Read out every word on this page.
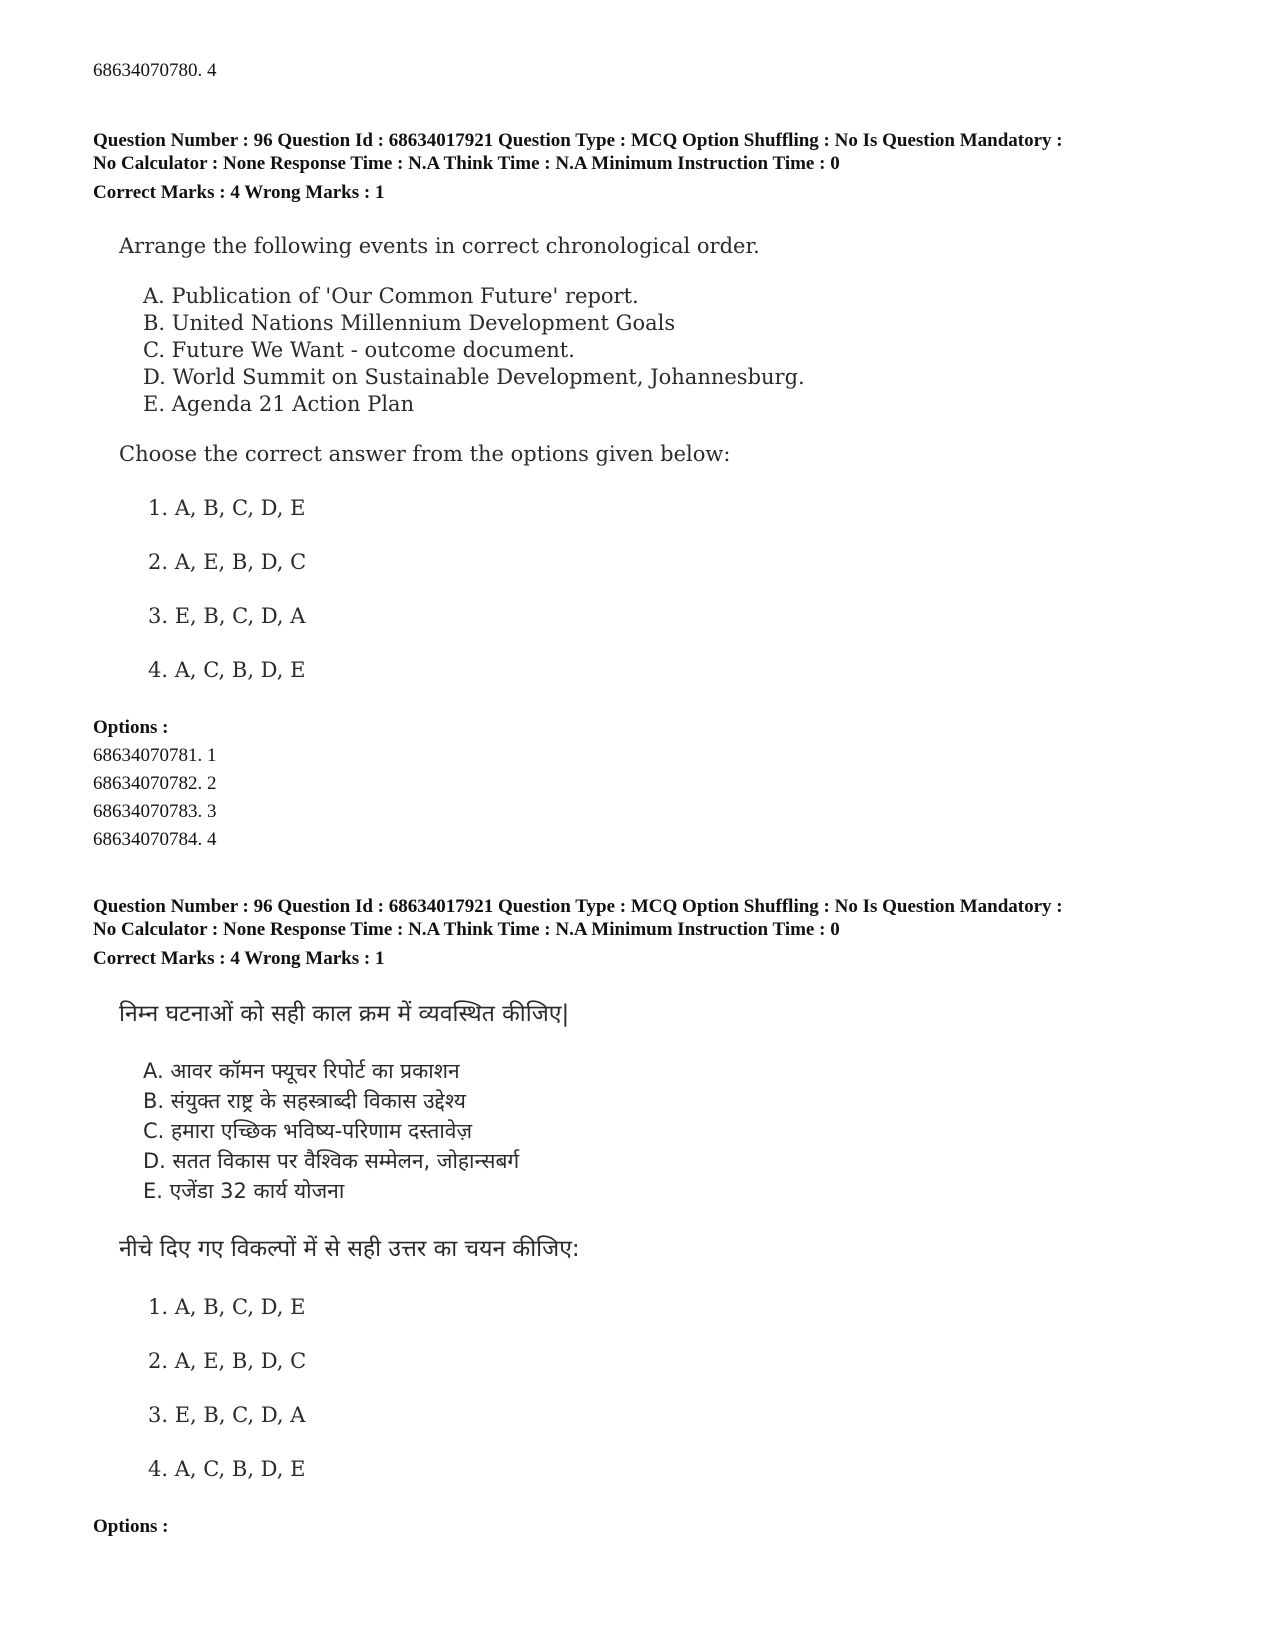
68634070780. 4
Question Number : 96 Question Id : 68634017921 Question Type : MCQ Option Shuffling : No Is Question Mandatory :
No Calculator : None Response Time : N.A Think Time : N.A Minimum Instruction Time : 0
Correct Marks : 4 Wrong Marks : 1
Arrange the following events in correct chronological order.
A. Publication of 'Our Common Future' report.
B. United Nations Millennium Development Goals
C. Future We Want - outcome document.
D. World Summit on Sustainable Development, Johannesburg.
E. Agenda 21 Action Plan
Choose the correct answer from the options given below:
1. A, B, C, D, E
2. A, E, B, D, C
3. E, B, C, D, A
4. A, C, B, D, E
Options :
68634070781. 1
68634070782. 2
68634070783. 3
68634070784. 4
Question Number : 96 Question Id : 68634017921 Question Type : MCQ Option Shuffling : No Is Question Mandatory :
No Calculator : None Response Time : N.A Think Time : N.A Minimum Instruction Time : 0
Correct Marks : 4 Wrong Marks : 1
निम्न घटनाओं को सही काल क्रम में व्यवस्थित कीजिए|
A. आवर कॉमन फ्यूचर रिपोर्ट का प्रकाशन
B. संयुक्त राष्ट्र के सहस्त्राब्दी विकास उद्देश्य
C. हमारा एच्छिक भविष्य-परिणाम दस्तावेज़
D. सतत विकास पर वैश्विक सम्मेलन, जोहान्सबर्ग
E. एजेंडा 32 कार्य योजना
नीचे दिए गए विकल्पों में से सही उत्तर का चयन कीजिए:
1. A, B, C, D, E
2. A, E, B, D, C
3. E, B, C, D, A
4. A, C, B, D, E
Options :
